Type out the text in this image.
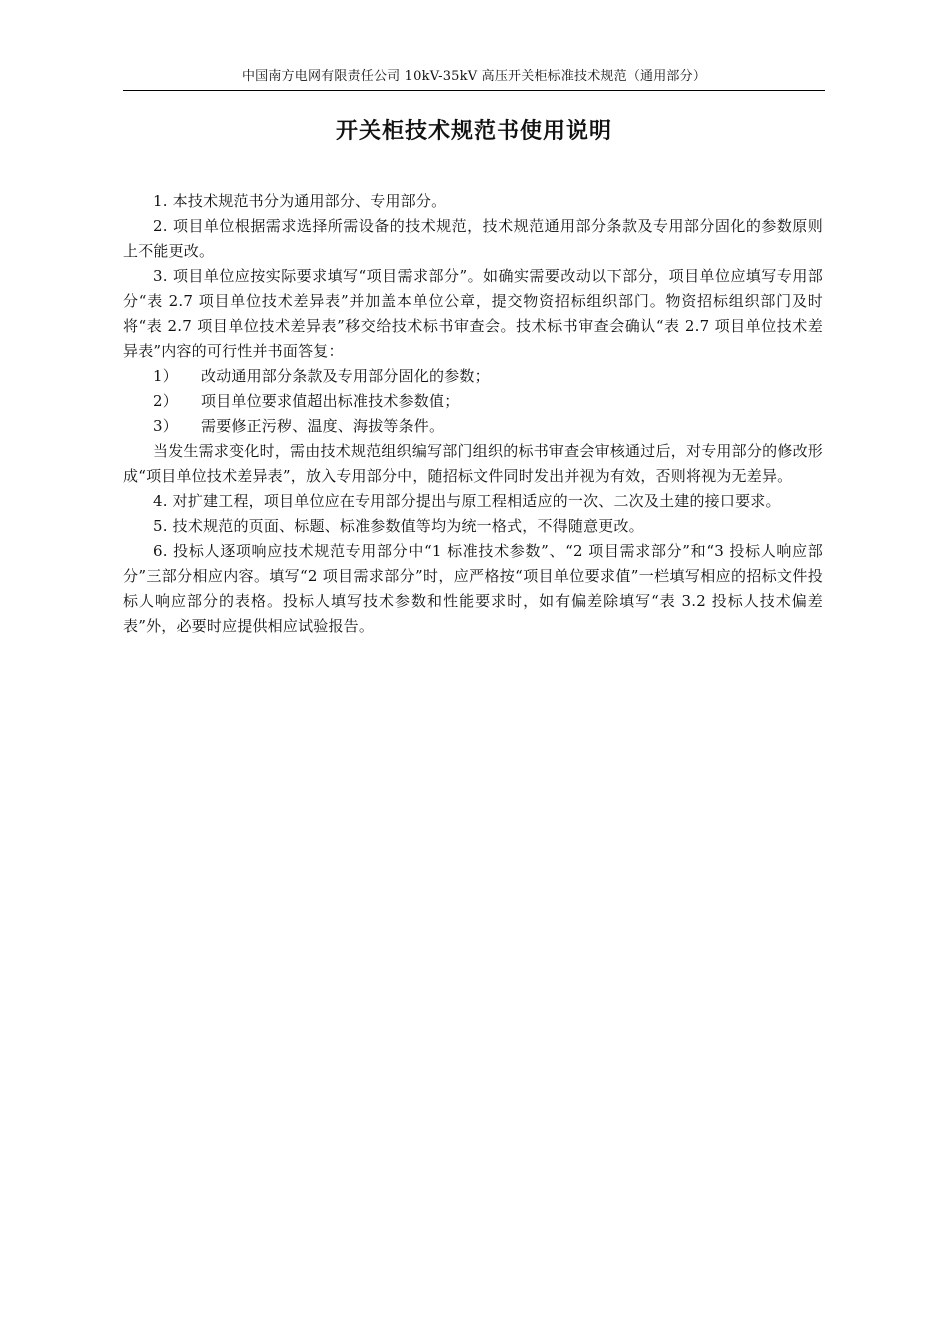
中国南方电网有限责任公司 10kV-35kV 高压开关柜标准技术规范（通用部分）
开关柜技术规范书使用说明

1. 本技术规范书分为通用部分、专用部分。

2. 项目单位根据需求选择所需设备的技术规范，技术规范通用部分条款及专用部分固化的参数原则上不能更改。

3. 项目单位应按实际要求填写“项目需求部分”。如确实需要改动以下部分，项目单位应填写专用部分“表 2.7 项目单位技术差异表”并加盖本单位公章，提交物资招标组织部门。物资招标组织部门及时将“表 2.7 项目单位技术差异表”移交给技术标书审查会。技术标书审查会确认“表 2.7 项目单位技术差异表”内容的可行性并书面答复：

1） 改动通用部分条款及专用部分固化的参数；

2） 项目单位要求值超出标准技术参数值；

3） 需要修正污秽、温度、海拔等条件。

当发生需求变化时，需由技术规范组织编写部门组织的标书审查会审核通过后，对专用部分的修改形成“项目单位技术差异表”，放入专用部分中，随招标文件同时发出并视为有效，否则将视为无差异。

4. 对扩建工程，项目单位应在专用部分提出与原工程相适应的一次、二次及土建的接口要求。

5. 技术规范的页面、标题、标准参数值等均为统一格式，不得随意更改。

6. 投标人逐项响应技术规范专用部分中“1 标准技术参数”、“2 项目需求部分”和“3 投标人响应部分”三部分相应内容。填写“2 项目需求部分”时，应严格按“项目单位要求值”一栏填写相应的招标文件投标人响应部分的表格。投标人填写技术参数和性能要求时，如有偏差除填写“表 3.2 投标人技术偏差表”外，必要时应提供相应试验报告。
